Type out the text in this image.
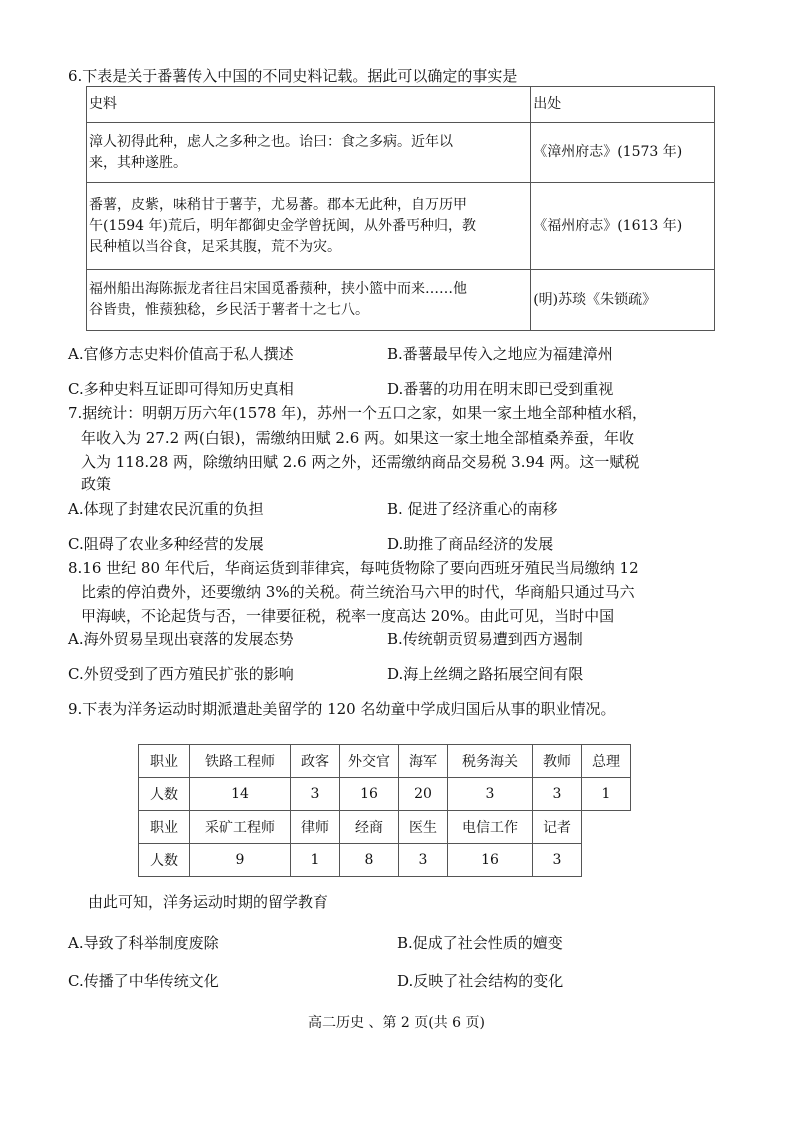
6.下表是关于番薯传入中国的不同史料记载。据此可以确定的事实是
史料	出处

漳人初得此种，虑人之多种之也。诒曰：食之多病。近年以
来，其种遂胜。	《漳州府志》(1573 年)

番薯，皮紫，味稍甘于薯芋，尤易蕃。郡本无此种，自万历甲
午(1594 年)荒后，明年都御史金学曾抚闽，从外番丐种归，教
民种植以当谷食，足采其腹，荒不为灾。	《福州府志》(1613 年)

福州船出海陈振龙者往吕宋国觅番蓣种，挟小篮中而来……他
谷皆贵，惟蓣独稔，乡民活于薯者十之七八。	(明)苏琰《朱锁疏》
A.官修方志史料价值高于私人撰述	B.番薯最早传入之地应为福建漳州
C.多种史料互证即可得知历史真相	D.番薯的功用在明末即已受到重视
7.据统计：明朝万历六年(1578 年)，苏州一个五口之家，如果一家土地全部种植水稻，
年收入为 27.2 两(白银)，需缴纳田赋 2.6 两。如果这一家土地全部植桑养蚕，年收
入为 118.28 两，除缴纳田赋 2.6 两之外，还需缴纳商品交易税 3.94 两。这一赋税
政策
A.体现了封建农民沉重的负担	B. 促进了经济重心的南移
C.阻碍了农业多种经营的发展	D.助推了商品经济的发展
8.16 世纪 80 年代后，华商运货到菲律宾，每吨货物除了要向西班牙殖民当局缴纳 12
比索的停泊费外，还要缴纳 3%的关税。荷兰统治马六甲的时代，华商船只通过马六
甲海峡，不论起货与否，一律要征税，税率一度高达 20%。由此可见，当时中国
A.海外贸易呈现出衰落的发展态势	B.传统朝贡贸易遭到西方遏制
C.外贸受到了西方殖民扩张的影响	D.海上丝绸之路拓展空间有限
9.下表为洋务运动时期派遣赴美留学的 120 名幼童中学成归国后从事的职业情况。
职业	铁路工程师	政客	外交官	海军	税务海关	教师	总理
人数	14	3	16	20	3	3	1
职业	采矿工程师	律师	经商	医生	电信工作	记者	
人数	9	1	8	3	16	3	
由此可知，洋务运动时期的留学教育
A.导致了科举制度废除	B.促成了社会性质的嬗变
C.传播了中华传统文化	D.反映了社会结构的变化
高二历史 、第 2 页(共 6 页)
